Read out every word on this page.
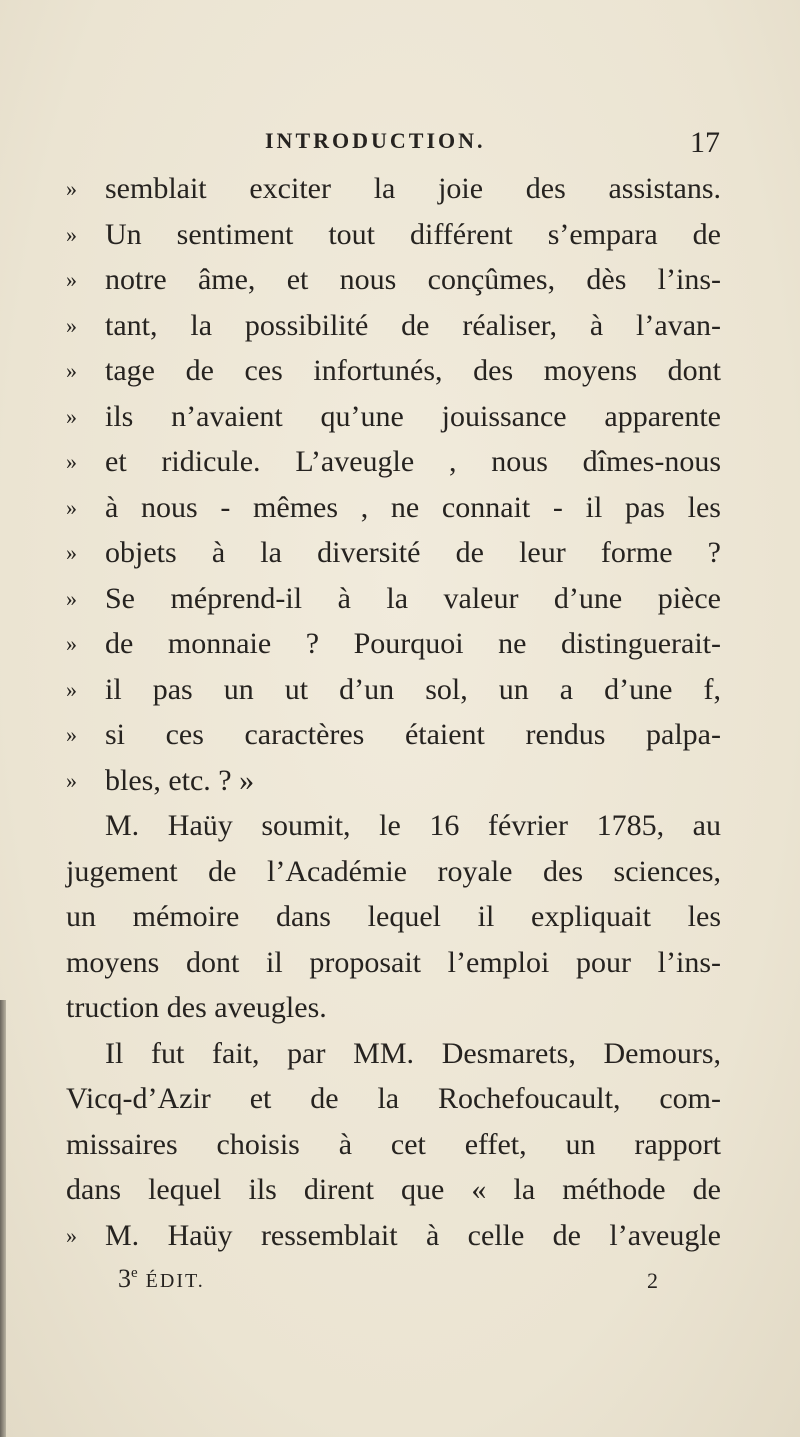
INTRODUCTION.	17
» semblait exciter la joie des assistans.
» Un sentiment tout différent s’empara de
» notre âme, et nous conçûmes, dès l’ins-
» tant, la possibilité de réaliser, à l’avan-
» tage de ces infortunés, des moyens dont
» ils n’avaient qu’une jouissance apparente
» et ridicule. L’aveugle , nous dîmes-nous
» à nous - mêmes , ne connait - il pas les
» objets à la diversité de leur forme ?
» Se méprend-il à la valeur d’une pièce
» de monnaie ? Pourquoi ne distinguerait-
» il pas un ut d’un sol, un a d’une f,
» si ces caractères étaient rendus palpa-
» bles, etc. ? »
M. Haüy soumit, le 16 février 1785, au
jugement de l’Académie royale des sciences,
un mémoire dans lequel il expliquait les
moyens dont il proposait l’emploi pour l’ins-
truction des aveugles.
Il fut fait, par MM. Desmarets, Demours,
Vicq-d’Azir et de la Rochefoucault, com-
missaires choisis à cet effet, un rapport
dans lequel ils dirent que « la méthode de
» M. Haüy ressemblait à celle de l’aveugle
3e ÉDIT.	2
